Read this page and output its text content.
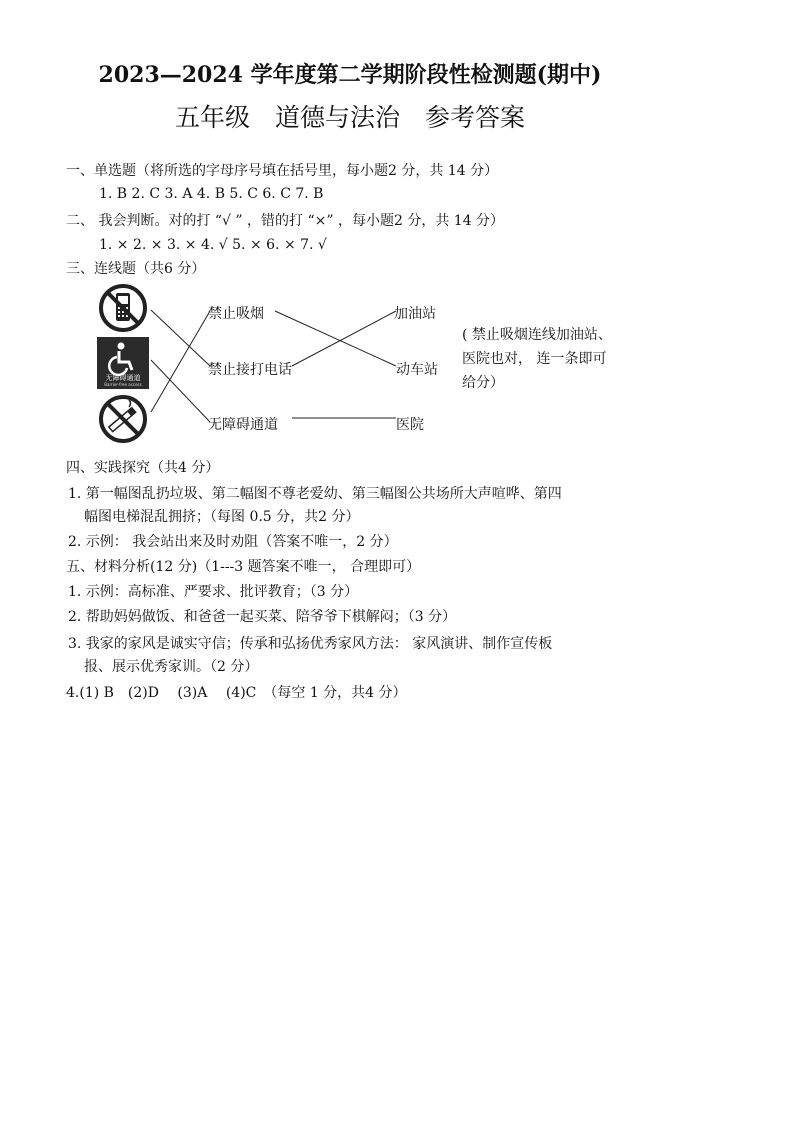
2023—2024 学年度第二学期阶段性检测题(期中)
五年级　道德与法治　参考答案
一、单选题（将所选的字母序号填在括号里，每小题2 分，共 14 分）
1. B 2. C 3. A 4. B 5. C 6. C 7. B
二、 我会判断。对的打 “√ ” ，错的打 “×” ，每小题2 分，共 14 分）
1. × 2. × 3. × 4. √ 5. × 6. × 7. √
三、连线题（共6 分）
无障碍通道
Barrier-free access
禁止吸烟
禁止接打电话
无障碍通道
加油站
动车站
医院
( 禁止吸烟连线加油站、医院也对， 连一条即可给分）
四、实践探究（共4 分）
1. 第一幅图乱扔垃圾、第二幅图不尊老爱幼、第三幅图公共场所大声喧哗、第四
幅图电梯混乱拥挤；（每图 0.5 分，共2 分）
2. 示例： 我会站出来及时劝阻（答案不唯一，2 分）
五、材料分析(12 分)（1---3 题答案不唯一， 合理即可）
1. 示例：高标准、严要求、批评教育；（3 分）
2. 帮助妈妈做饭、和爸爸一起买菜、陪爷爷下棋解闷；（3 分）
3. 我家的家风是诚实守信；传承和弘扬优秀家风方法： 家风演讲、制作宣传板
报、展示优秀家训。（2 分）
4.(1) B　(2)D　 (3)A　 (4)C　（每空 1 分，共4 分）
